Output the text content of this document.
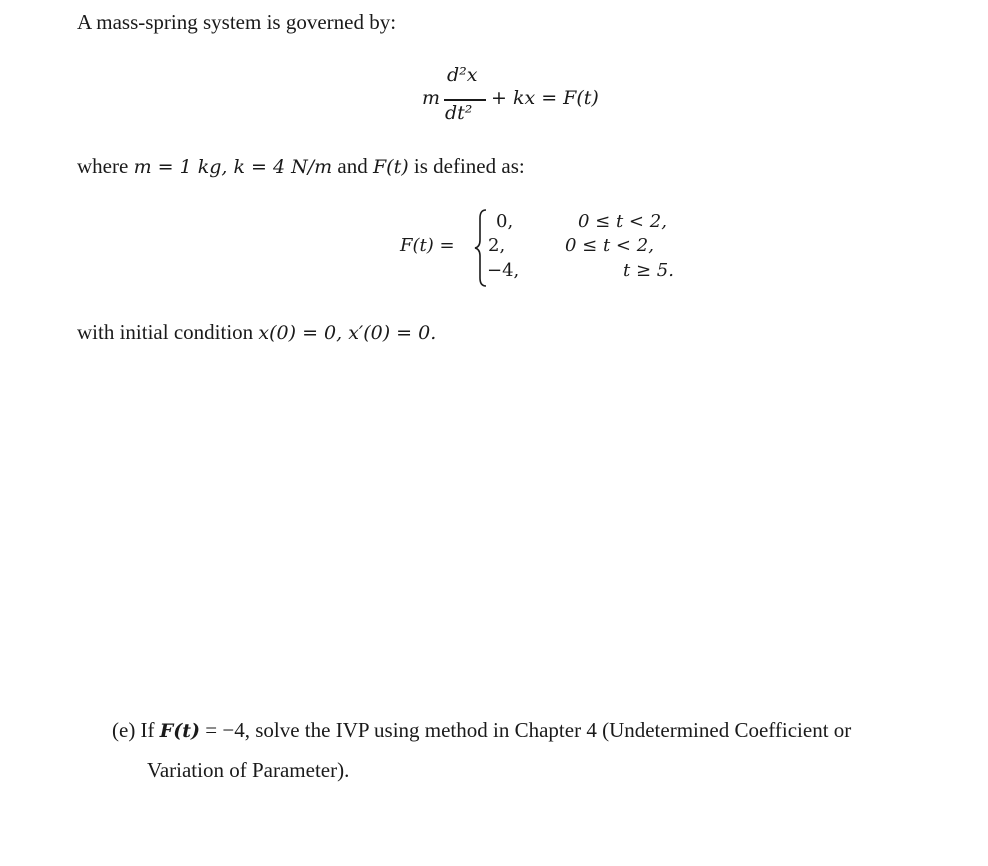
A mass-spring system is governed by:
m
d²x
dt²
+ kx = F(t)
where m = 1 kg, k = 4 N/m and F(t) is defined as:
F(t) =
0,
2,
−4,
0 ≤ t < 2,
0 ≤ t < 2,
t ≥ 5.
with initial condition x(0) = 0, x′(0) = 0.
(e) If F(t) = −4, solve the IVP using method in Chapter 4 (Undetermined Coefficient or
Variation of Parameter).
